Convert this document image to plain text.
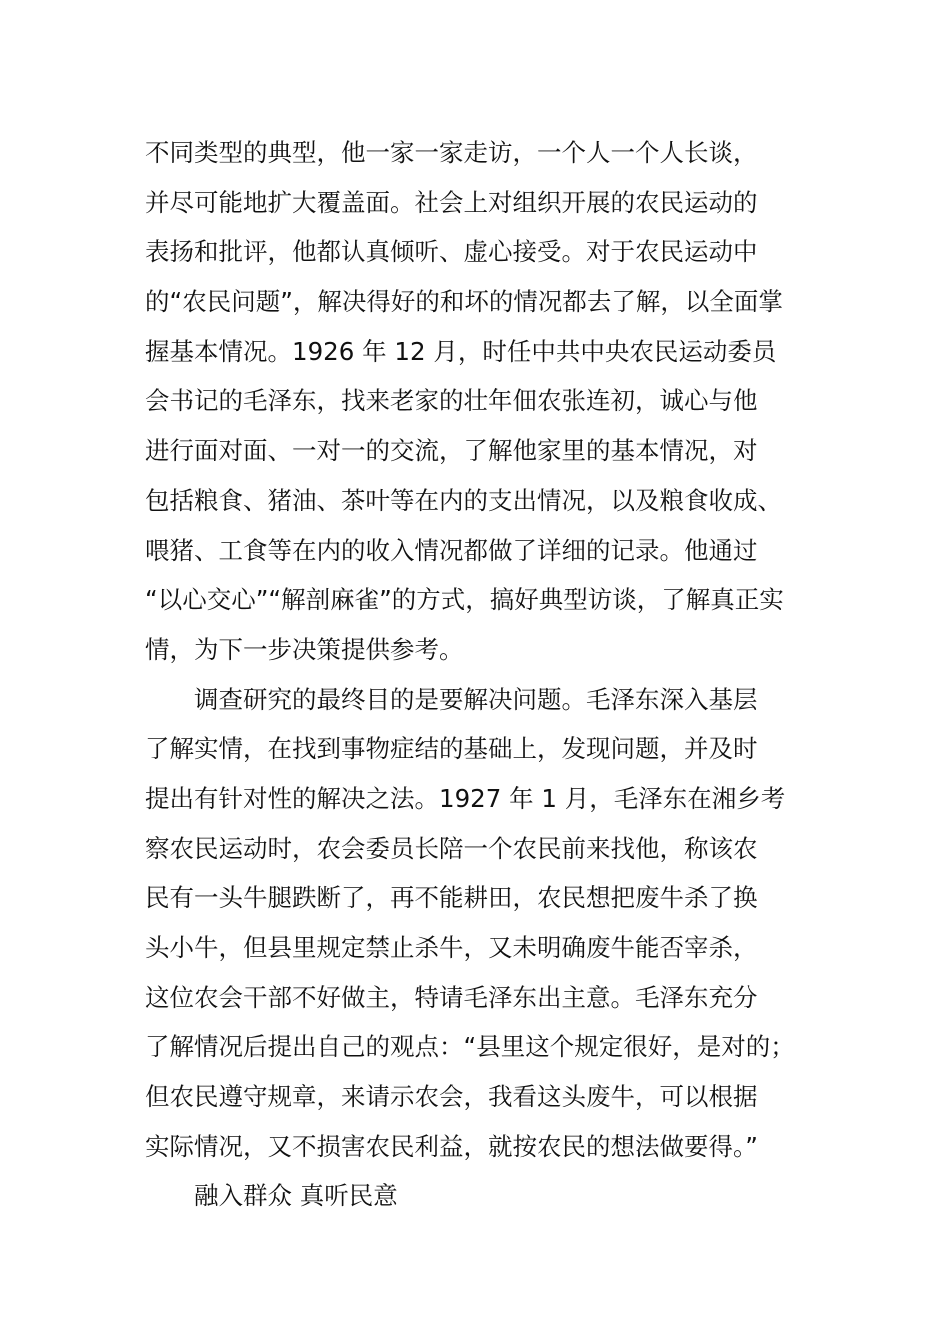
不同类型的典型，他一家一家走访，一个人一个人长谈，
并尽可能地扩大覆盖面。社会上对组织开展的农民运动的
表扬和批评，他都认真倾听、虚心接受。对于农民运动中
的“农民问题”，解决得好的和坏的情况都去了解，以全面掌
握基本情况。1926 年 12 月，时任中共中央农民运动委员
会书记的毛泽东，找来老家的壮年佃农张连初，诚心与他
进行面对面、一对一的交流，了解他家里的基本情况，对
包括粮食、猪油、茶叶等在内的支出情况，以及粮食收成、
喂猪、工食等在内的收入情况都做了详细的记录。他通过
“以心交心”“解剖麻雀”的方式，搞好典型访谈，了解真正实
情，为下一步决策提供参考。
调查研究的最终目的是要解决问题。毛泽东深入基层
了解实情，在找到事物症结的基础上，发现问题，并及时
提出有针对性的解决之法。1927 年 1 月，毛泽东在湘乡考
察农民运动时，农会委员长陪一个农民前来找他，称该农
民有一头牛腿跌断了，再不能耕田，农民想把废牛杀了换
头小牛，但县里规定禁止杀牛，又未明确废牛能否宰杀，
这位农会干部不好做主，特请毛泽东出主意。毛泽东充分
了解情况后提出自己的观点：“县里这个规定很好，是对的；
但农民遵守规章，来请示农会，我看这头废牛，可以根据
实际情况，又不损害农民利益，就按农民的想法做要得。”
融入群众 真听民意
